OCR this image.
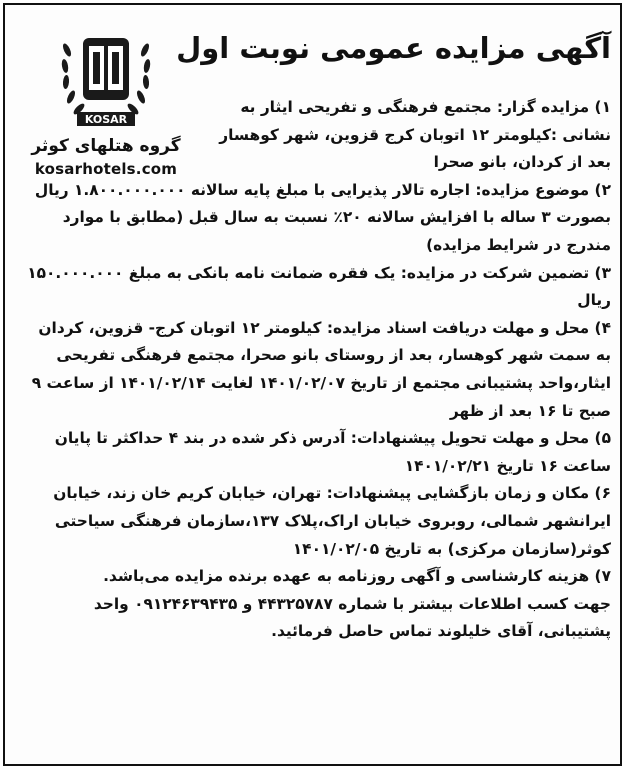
آگهی مزایده عمومی نوبت اول
KOSAR
گروه هتلهای کوثر
kosarhotels.com
۱) مزایده گزار: مجتمع فرهنگی و تفریحی ایثار به نشانی :کیلومتر ۱۲ اتوبان کرج قزوین، شهر کوهسار بعد از کردان، بانو صحرا
۲) موضوع مزایده: اجاره تالار پذیرایی با مبلغ پایه سالانه ۱.۸۰۰.۰۰۰.۰۰۰ ریال بصورت ۳ ساله با افزایش سالانه ۲۰٪ نسبت به سال قبل (مطابق با موارد مندرج در شرایط مزایده)
۳) تضمین شرکت در مزایده: یک فقره ضمانت نامه بانکی به مبلغ ۱۵۰.۰۰۰.۰۰۰ ریال
۴) محل و مهلت دریافت اسناد مزایده: کیلومتر ۱۲ اتوبان کرج- قزوین، کردان به سمت شهر کوهسار، بعد از روستای بانو صحرا، مجتمع فرهنگی تفریحی ایثار،واحد پشتیبانی مجتمع از تاریخ ۱۴۰۱/۰۲/۰۷ لغایت ۱۴۰۱/۰۲/۱۴ از ساعت ۹ صبح تا ۱۶ بعد از ظهر
۵) محل و مهلت تحویل پیشنهادات: آدرس ذکر شده در بند ۴ حداکثر تا پایان ساعت ۱۶ تاریخ ۱۴۰۱/۰۲/۲۱
۶) مکان و زمان بازگشایی پیشنهادات: تهران، خیابان کریم خان زند، خیابان ایرانشهر شمالی، روبروی خیابان اراک،پلاک ۱۳۷،سازمان فرهنگی سیاحتی کوثر(سازمان مرکزی) به تاریخ ۱۴۰۱/۰۲/۰۵
۷) هزینه کارشناسی و آگهی روزنامه به عهده برنده مزایده می‌باشد.
جهت کسب اطلاعات بیشتر با شماره ۴۴۳۲۵۷۸۷ و ۰۹۱۲۴۶۳۹۴۳۵ واحد پشتیبانی، آقای خلیلوند تماس حاصل فرمائید.
